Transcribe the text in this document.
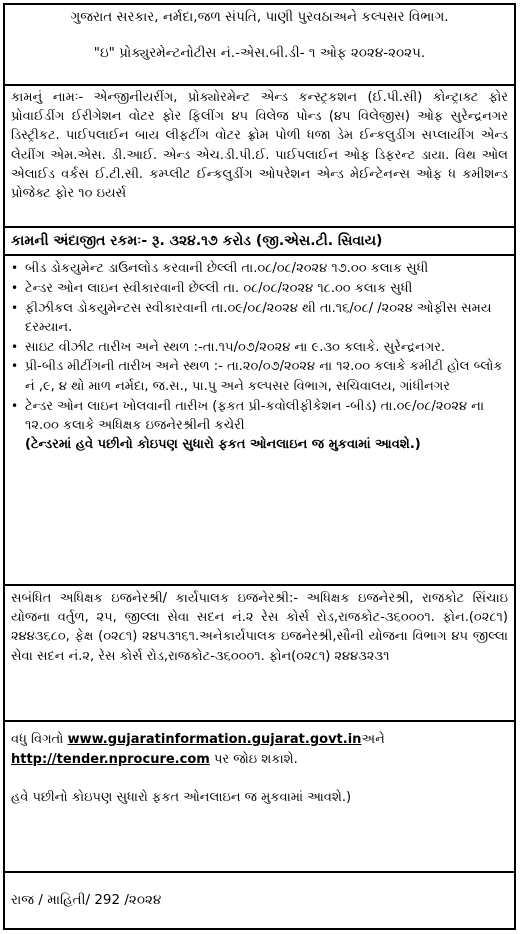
ગુજરાત સરકાર, નર્મદા,જળ સંપતિ, પાણી પુરવઠાઅને કલ્પસર વિભાગ.
"ઇ" પ્રોક્યુરમેન્ટનોટીસ નં.-એસ.બી.ડી- ૧ ઓફ ૨૦૨૪-૨૦૨૫.
કામનું નામઃ- એન્જીનીયરીંગ, પ્રોક્યોરમેન્ટ એન્ડ કન્સ્ટ્રકશન (ઈ.પી.સી) કોન્ટ્રાક્ટ ફોર પ્રોવાઈડીંગ ઈરીગેશન વોટર ફોર ફિલીંગ ૪૫ વિલેજ પોન્ડ (૪૫ વિલેજીસ) ઓફ સુરેન્દ્રનગર ડિસ્ટ્રીકટ. પાઈપલાઈન બાય લીફટીંગ વોટર ફ્રોમ પોળી ધજા ડેમ ઈન્કલુડીંગ સપ્લાયીંગ એન્ડ લેયીંગ એમ.એસ. ડી.આઈ. એન્ડ એચ.ડી.પી.ઈ. પાઈપલાઈન ઓફ ડિફરન્ટ ડાયા. વિથ ઓલ એલાઈડ વર્કસ ઈ.ટી.સી. કમ્પ્લીટ ઈન્કલુડીંગ ઓપરેશન એન્ડ મેઈન્ટેનન્સ ઓફ ધ કમીશન્ડ પ્રોજેક્ટ ફોર ૧૦ ઇયર્સ
કામની અંદાજીત રકમઃ- રૂ. ૩૨૪.૧૭ કરોડ (જી.એસ.ટી. સિવાય)
• બીડ ડોકયુમેન્ટ ડાઉનલોડ કરવાની છેલ્લી તા.૦૮/૦૮/૨૦૨૪ ૧૭.૦૦ કલાક સુધી
• ટેન્ડર ઓન લાઇન સ્વીકારવાની છેલ્લી તા. ૦૮/૦૮/૨૦૨૪ ૧૮.૦૦ કલાક સુધી
• ફીઝીકલ ડોકયુમેન્ટસ સ્વીકારવાની તા.૦૯/૦૮/૨૦૨૪ થી તા.૧૬/૦૮/ /૨૦૨૪ ઓફીસ સમય દરમ્યાન.
• સાઇટ વીઝીટ તારીખ અને સ્થળ :-તા.૧૫/૦૭/૨૦૨૪ ના ૯.૩૦ કલાકે. સુરેન્દ્રનગર.
• પ્રી-બીડ મીટીંગની તારીખ અને સ્થળ :- તા.૨૦/૦૭/૨૦૨૪ ના ૧૨.૦૦ કલાકે કમીટી હોલ બ્લોક નં ,૯, ૪ થો માળ નર્મદા, જ.સ., પા.પુ અને કલ્પસર વિભાગ, સચિવાલય, ગાંધીનગર
• ટેન્ડર ઓન લાઇન ખોલવાની તારીખ (ફકત પ્રી-કવોલીફીકેશન -બીડ) તા.૦૯/૦૮/૨૦૨૪ ના ૧૨.૦૦ કલાકે અધિક્ષક ઇજનેરશ્રીની કચેરી
(ટેન્ડરમાં હવે પછીનો કોઇપણ સુધારો ફકત ઓનલાઇન જ મુકવામાં આવશે.)
સબંધિત અધિક્ષક ઇજનેરશ્રી/ કાર્યપાલક ઇજનેરશ્રી:- અધિક્ષક ઇજનેરશ્રી, રાજકોટ સિંચાઇ યોજના વર્તુળ, ૨૫, જીલ્લા સેવા સદન નં.૨ રેસ કોર્સ રોડ,રાજકોટ-૩૬૦૦૦૧. ફોન.(૦૨૮૧) ૨૪૪૩૬૮૦, ફેક્ષ (૦૨૮૧) ૨૪૫૩૧૬૧.અનેકાર્યપાલક ઇજનેરશ્રી,સૌની યોજના વિભાગ ૪૫ જીલ્લા સેવા સદન નં.૨, રેસ કોર્સ રોડ,રાજકોટ-૩૬૦૦૦૧. ફોન(૦૨૮૧) ૨૪૪૩૨૩૧
વધુ વિગતો www.gujaratinformation.gujarat.govt.inઅને
http://tender.nprocure.com પર જોઇ શકાશે.
હવે પછીનો કોઇપણ સુધારો ફકત ઓનલાઇન જ મુકવામાં આવશે.)
રાજ / માહિતી/ 292 /૨૦૨૪
